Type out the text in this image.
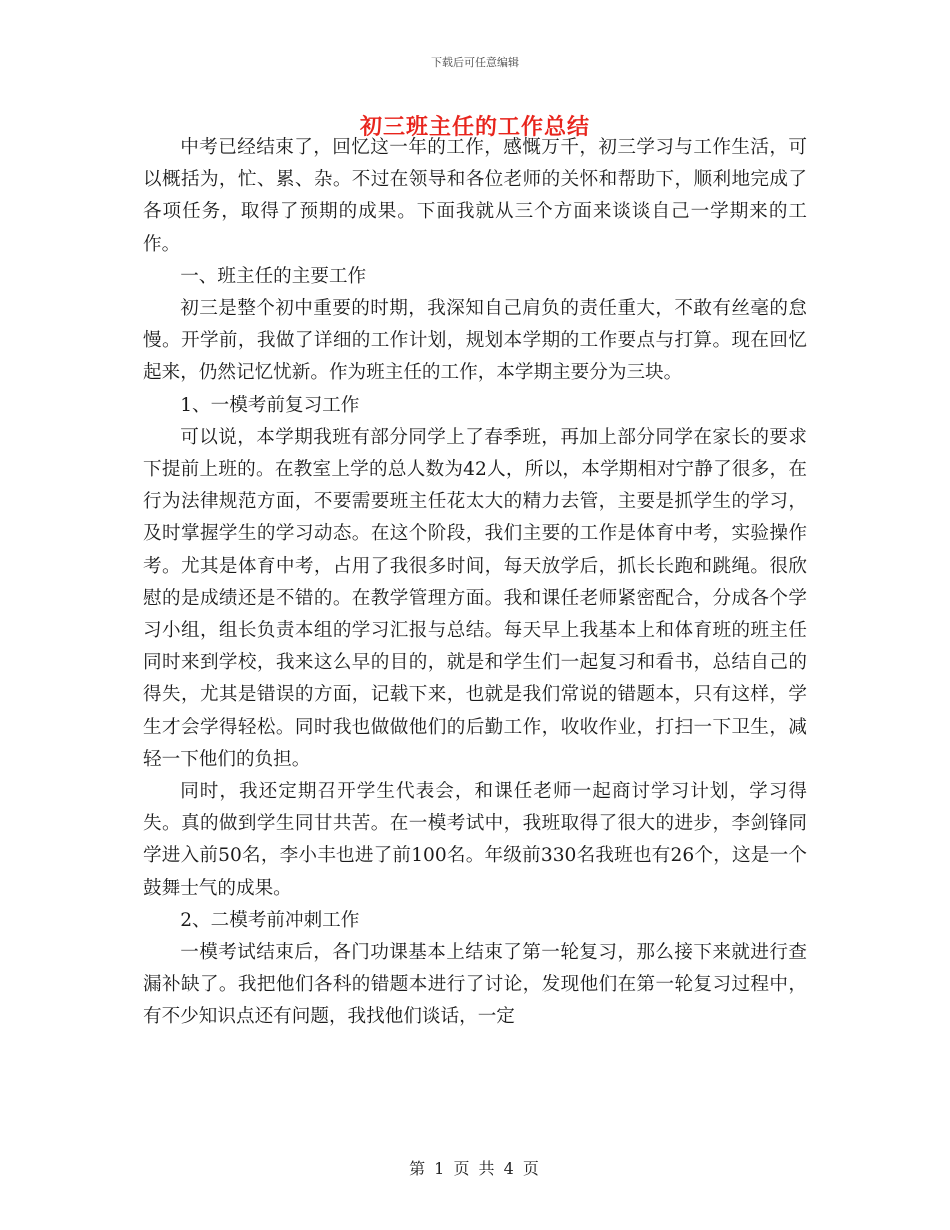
下载后可任意编辑
初三班主任的工作总结

中考已经结束了，回忆这一年的工作，感慨万千，初三学习与工作生活，可以概括为，忙、累、杂。不过在领导和各位老师的关怀和帮助下，顺利地完成了各项任务，取得了预期的成果。下面我就从三个方面来谈谈自己一学期来的工作。

一、班主任的主要工作

初三是整个初中重要的时期，我深知自己肩负的责任重大，不敢有丝毫的怠慢。开学前，我做了详细的工作计划，规划本学期的工作要点与打算。现在回忆起来，仍然记忆忧新。作为班主任的工作，本学期主要分为三块。

1、一模考前复习工作

可以说，本学期我班有部分同学上了春季班，再加上部分同学在家长的要求下提前上班的。在教室上学的总人数为42人，所以，本学期相对宁静了很多，在行为法律规范方面，不要需要班主任花太大的精力去管，主要是抓学生的学习，及时掌握学生的学习动态。在这个阶段，我们主要的工作是体育中考，实验操作考。尤其是体育中考，占用了我很多时间，每天放学后，抓长长跑和跳绳。很欣慰的是成绩还是不错的。在教学管理方面。我和课任老师紧密配合，分成各个学习小组，组长负责本组的学习汇报与总结。每天早上我基本上和体育班的班主任同时来到学校，我来这么早的目的，就是和学生们一起复习和看书，总结自己的得失，尤其是错误的方面，记载下来，也就是我们常说的错题本，只有这样，学生才会学得轻松。同时我也做做他们的后勤工作，收收作业，打扫一下卫生，减轻一下他们的负担。

同时，我还定期召开学生代表会，和课任老师一起商讨学习计划，学习得失。真的做到学生同甘共苦。在一模考试中，我班取得了很大的进步，李剑锋同学进入前50名，李小丰也进了前100名。年级前330名我班也有26个，这是一个鼓舞士气的成果。

2、二模考前冲刺工作

一模考试结束后，各门功课基本上结束了第一轮复习，那么接下来就进行查漏补缺了。我把他们各科的错题本进行了讨论，发现他们在第一轮复习过程中，有不少知识点还有问题，我找他们谈话，一定

第 1 页 共 4 页
